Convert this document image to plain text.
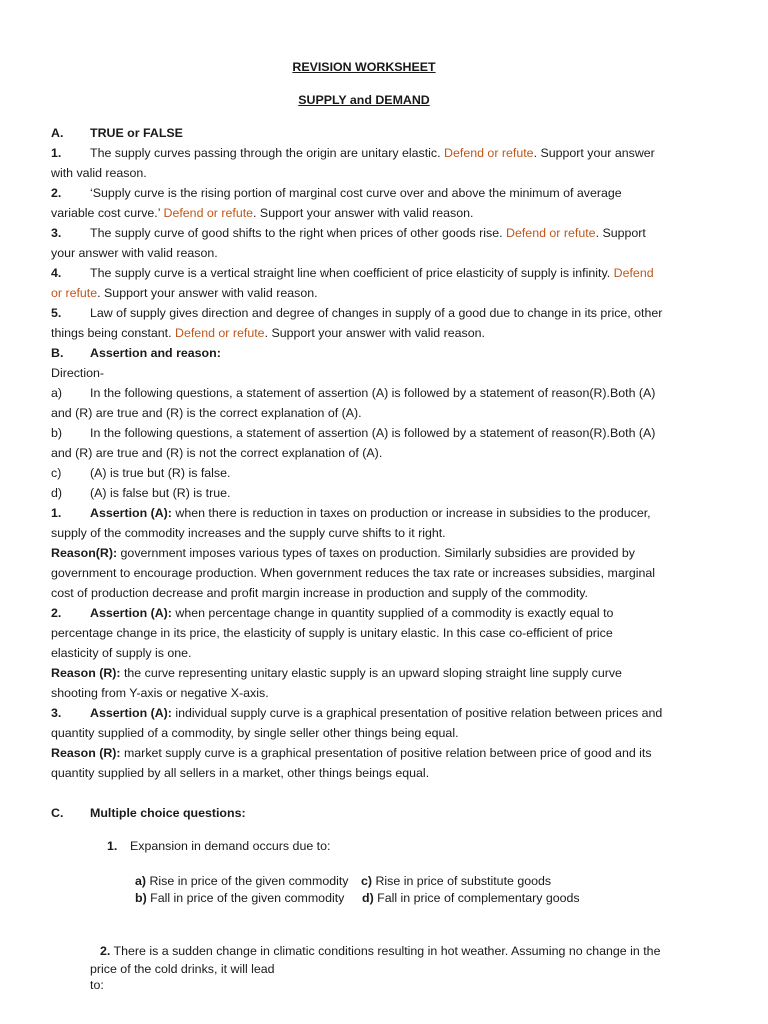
REVISION WORKSHEET
SUPPLY and DEMAND
A. TRUE or FALSE
1. The supply curves passing through the origin are unitary elastic. Defend or refute. Support your answer
with valid reason.
2. ‘Supply curve is the rising portion of marginal cost curve over and above the minimum of average
variable cost curve.’ Defend or refute. Support your answer with valid reason.
3. The supply curve of good shifts to the right when prices of other goods rise. Defend or refute. Support
your answer with valid reason.
4. The supply curve is a vertical straight line when coefficient of price elasticity of supply is infinity. Defend
or refute. Support your answer with valid reason.
5. Law of supply gives direction and degree of changes in supply of a good due to change in its price, other
things being constant. Defend or refute. Support your answer with valid reason.
B. Assertion and reason:
Direction-
a) In the following questions, a statement of assertion (A) is followed by a statement of reason(R).Both (A)
and (R) are true and (R) is the correct explanation of (A).
b) In the following questions, a statement of assertion (A) is followed by a statement of reason(R).Both (A)
and (R) are true and (R) is not the correct explanation of (A).
c) (A) is true but (R) is false.
d) (A) is false but (R) is true.
1. Assertion (A): when there is reduction in taxes on production or increase in subsidies to the producer,
supply of the commodity increases and the supply curve shifts to it right.
Reason(R): government imposes various types of taxes on production. Similarly subsidies are provided by
government to encourage production. When government reduces the tax rate or increases subsidies, marginal
cost of production decrease and profit margin increase in production and supply of the commodity.
2. Assertion (A): when percentage change in quantity supplied of a commodity is exactly equal to
percentage change in its price, the elasticity of supply is unitary elastic. In this case co-efficient of price
elasticity of supply is one.
Reason (R): the curve representing unitary elastic supply is an upward sloping straight line supply curve
shooting from Y-axis or negative X-axis.
3. Assertion (A): individual supply curve is a graphical presentation of positive relation between prices and
quantity supplied of a commodity, by single seller other things being equal.
Reason (R): market supply curve is a graphical presentation of positive relation between price of good and its
quantity supplied by all sellers in a market, other things beings equal.
C. Multiple choice questions:
1. Expansion in demand occurs due to:
a) Rise in price of the given commodity c) Rise in price of substitute goods
b) Fall in price of the given commodity d) Fall in price of complementary goods
2. There is a sudden change in climatic conditions resulting in hot weather. Assuming no change in the
price of the cold drinks, it will lead
to:
